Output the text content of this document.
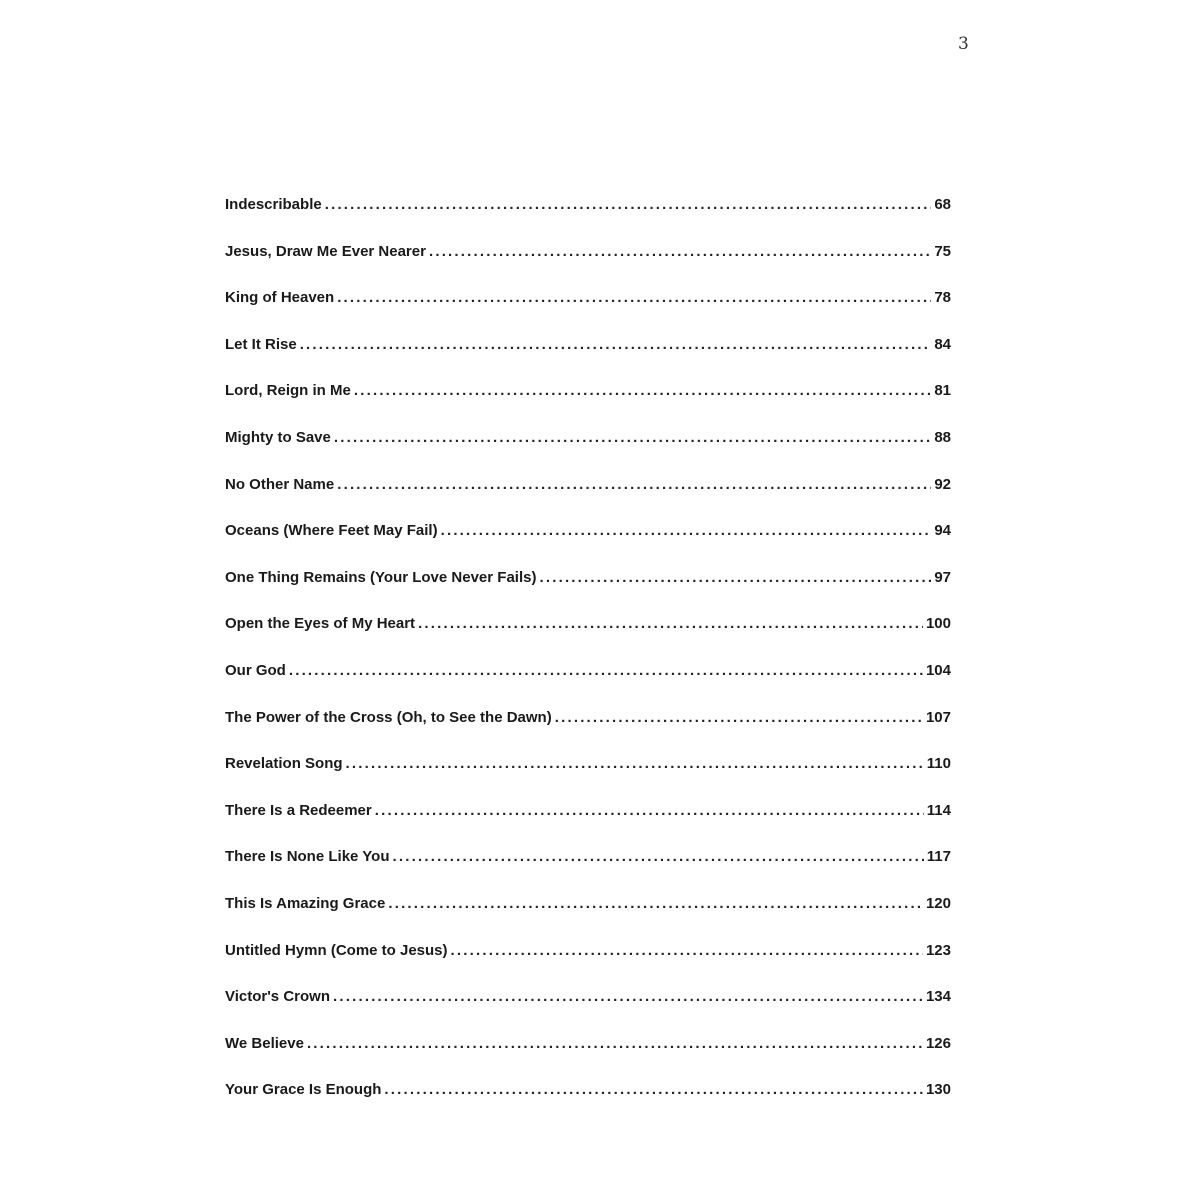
3
Indescribable .....	68
Jesus, Draw Me Ever Nearer .....	75
King of Heaven .....	78
Let It Rise .....	84
Lord, Reign in Me .....	81
Mighty to Save .....	88
No Other Name .....	92
Oceans (Where Feet May Fail) .....	94
One Thing Remains (Your Love Never Fails) .....	97
Open the Eyes of My Heart .....	100
Our God .....	104
The Power of the Cross (Oh, to See the Dawn) .....	107
Revelation Song .....	110
There Is a Redeemer .....	114
There Is None Like You .....	117
This Is Amazing Grace .....	120
Untitled Hymn (Come to Jesus) .....	123
Victor's Crown .....	134
We Believe .....	126
Your Grace Is Enough .....	130
